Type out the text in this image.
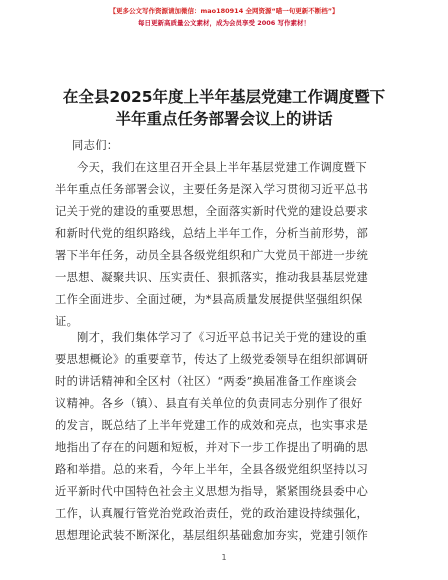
【更多公文写作资源请加微信：mao180914 全网资源“喵一句更新不断档”】
每日更新高质量公文素材，成为会员享受 2006 写作素材！
在全县2025年度上半年基层党建工作调度暨下
半年重点任务部署会议上的讲话
同志们：
今天，我们在这里召开全县上半年基层党建工作调度暨下
半年重点任务部署会议，主要任务是深入学习贯彻习近平总书
记关于党的建设的重要思想，全面落实新时代党的建设总要求
和新时代党的组织路线，总结上半年工作，分析当前形势，部
署下半年任务，动员全县各级党组织和广大党员干部进一步统
一思想、凝聚共识、压实责任、狠抓落实，推动我县基层党建
工作全面进步、全面过硬，为*县高质量发展提供坚强组织保
证。
刚才，我们集体学习了《习近平总书记关于党的建设的重
要思想概论》的重要章节，传达了上级党委领导在组织部调研
时的讲话精神和全区村（社区）“两委”换届准备工作座谈会
议精神。各乡（镇）、县直有关单位的负责同志分别作了很好
的发言，既总结了上半年党建工作的成效和亮点，也实事求是
地指出了存在的问题和短板，并对下一步工作提出了明确的思
路和举措。总的来看，今年上半年，全县各级党组织坚持以习
近平新时代中国特色社会主义思想为指导，紧紧围绕县委中心
工作，认真履行管党治党政治责任，党的政治建设持续强化，
思想理论武装不断深化，基层组织基础愈加夯实，党建引领作
1
